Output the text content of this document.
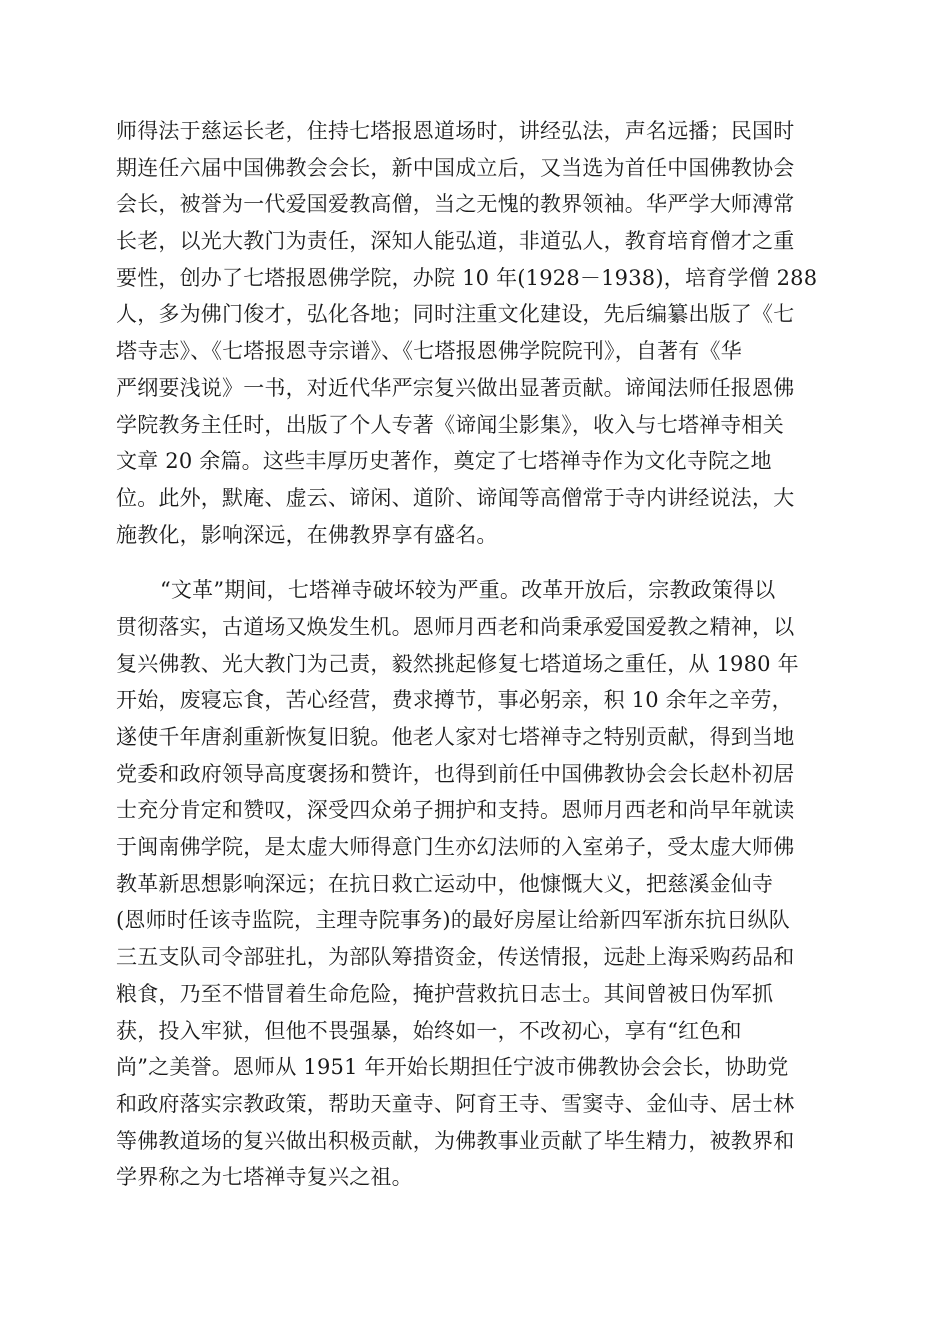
师得法于慈运长老，住持七塔报恩道场时，讲经弘法，声名远播；民国时
期连任六届中国佛教会会长，新中国成立后，又当选为首任中国佛教协会
会长，被誉为一代爱国爱教高僧，当之无愧的教界领袖。华严学大师溥常
长老，以光大教门为责任，深知人能弘道，非道弘人，教育培育僧才之重
要性，创办了七塔报恩佛学院，办院 10 年(1928－1938)，培育学僧 288
人，多为佛门俊才，弘化各地；同时注重文化建设，先后编纂出版了《七
塔寺志》、《七塔报恩寺宗谱》、《七塔报恩佛学院院刊》，自著有《华
严纲要浅说》一书，对近代华严宗复兴做出显著贡献。谛闻法师任报恩佛
学院教务主任时，出版了个人专著《谛闻尘影集》，收入与七塔禅寺相关
文章 20 余篇。这些丰厚历史著作，奠定了七塔禅寺作为文化寺院之地
位。此外，默庵、虚云、谛闲、道阶、谛闻等高僧常于寺内讲经说法，大
施教化，影响深远，在佛教界享有盛名。
“文革”期间，七塔禅寺破坏较为严重。改革开放后，宗教政策得以
贯彻落实，古道场又焕发生机。恩师月西老和尚秉承爱国爱教之精神，以
复兴佛教、光大教门为己责，毅然挑起修复七塔道场之重任，从 1980 年
开始，废寝忘食，苦心经营，费求撙节，事必躬亲，积 10 余年之辛劳，
遂使千年唐刹重新恢复旧貌。他老人家对七塔禅寺之特别贡献，得到当地
党委和政府领导高度褒扬和赞许，也得到前任中国佛教协会会长赵朴初居
士充分肯定和赞叹，深受四众弟子拥护和支持。恩师月西老和尚早年就读
于闽南佛学院，是太虚大师得意门生亦幻法师的入室弟子，受太虚大师佛
教革新思想影响深远；在抗日救亡运动中，他慷慨大义，把慈溪金仙寺
(恩师时任该寺监院，主理寺院事务)的最好房屋让给新四军浙东抗日纵队
三五支队司令部驻扎，为部队筹措资金，传送情报，远赴上海采购药品和
粮食，乃至不惜冒着生命危险，掩护营救抗日志士。其间曾被日伪军抓
获，投入牢狱，但他不畏强暴，始终如一，不改初心，享有“红色和
尚”之美誉。恩师从 1951 年开始长期担任宁波市佛教协会会长，协助党
和政府落实宗教政策，帮助天童寺、阿育王寺、雪窦寺、金仙寺、居士林
等佛教道场的复兴做出积极贡献，为佛教事业贡献了毕生精力，被教界和
学界称之为七塔禅寺复兴之祖。
